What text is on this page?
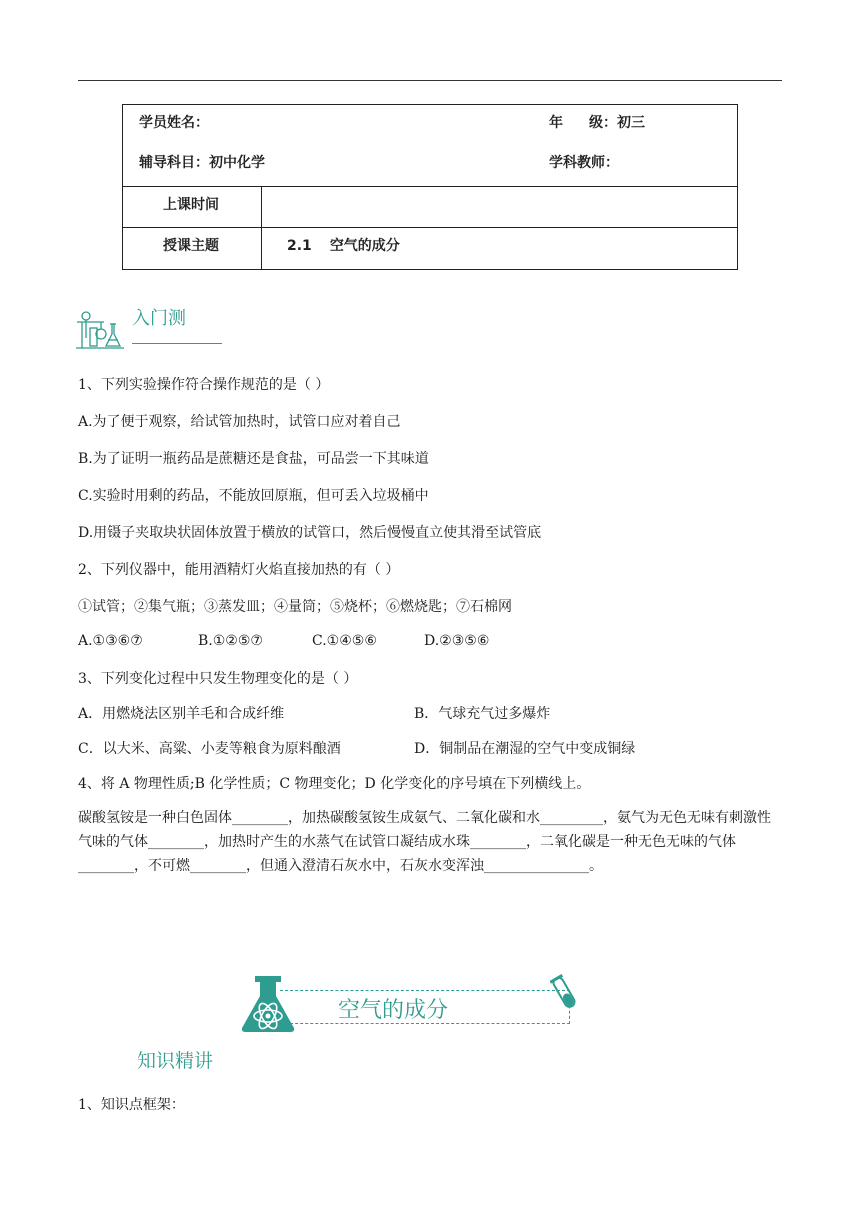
学员姓名：	年 级：初三
辅导科目：初中化学	学科教师：
上课时间
授课主题	2.1 空气的成分
入门测
1、下列实验操作符合操作规范的是（ ）
A.为了便于观察，给试管加热时，试管口应对着自己
B.为了证明一瓶药品是蔗糖还是食盐，可品尝一下其味道
C.实验时用剩的药品，不能放回原瓶，但可丢入垃圾桶中
D.用镊子夹取块状固体放置于横放的试管口，然后慢慢直立使其滑至试管底
2、下列仪器中，能用酒精灯火焰直接加热的有（ ）
①试管；②集气瓶；③蒸发皿；④量筒；⑤烧杯；⑥燃烧匙；⑦石棉网
A.①③⑥⑦	B.①②⑤⑦	C.①④⑤⑥	D.②③⑤⑥
3、下列变化过程中只发生物理变化的是（ ）
A．用燃烧法区别羊毛和合成纤维	B．气球充气过多爆炸
C．以大米、高粱、小麦等粮食为原料酿酒	D．铜制品在潮湿的空气中变成铜绿
4、将 A 物理性质;B 化学性质；C 物理变化；D 化学变化的序号填在下列横线上。
碳酸氢铵是一种白色固体________，加热碳酸氢铵生成氨气、二氧化碳和水_________，氨气为无色无味有刺激性气味的气体________，加热时产生的水蒸气在试管口凝结成水珠________，二氧化碳是一种无色无味的气体________，不可燃________，但通入澄清石灰水中，石灰水变浑浊_______________。
空气的成分
知识精讲
1、知识点框架：
